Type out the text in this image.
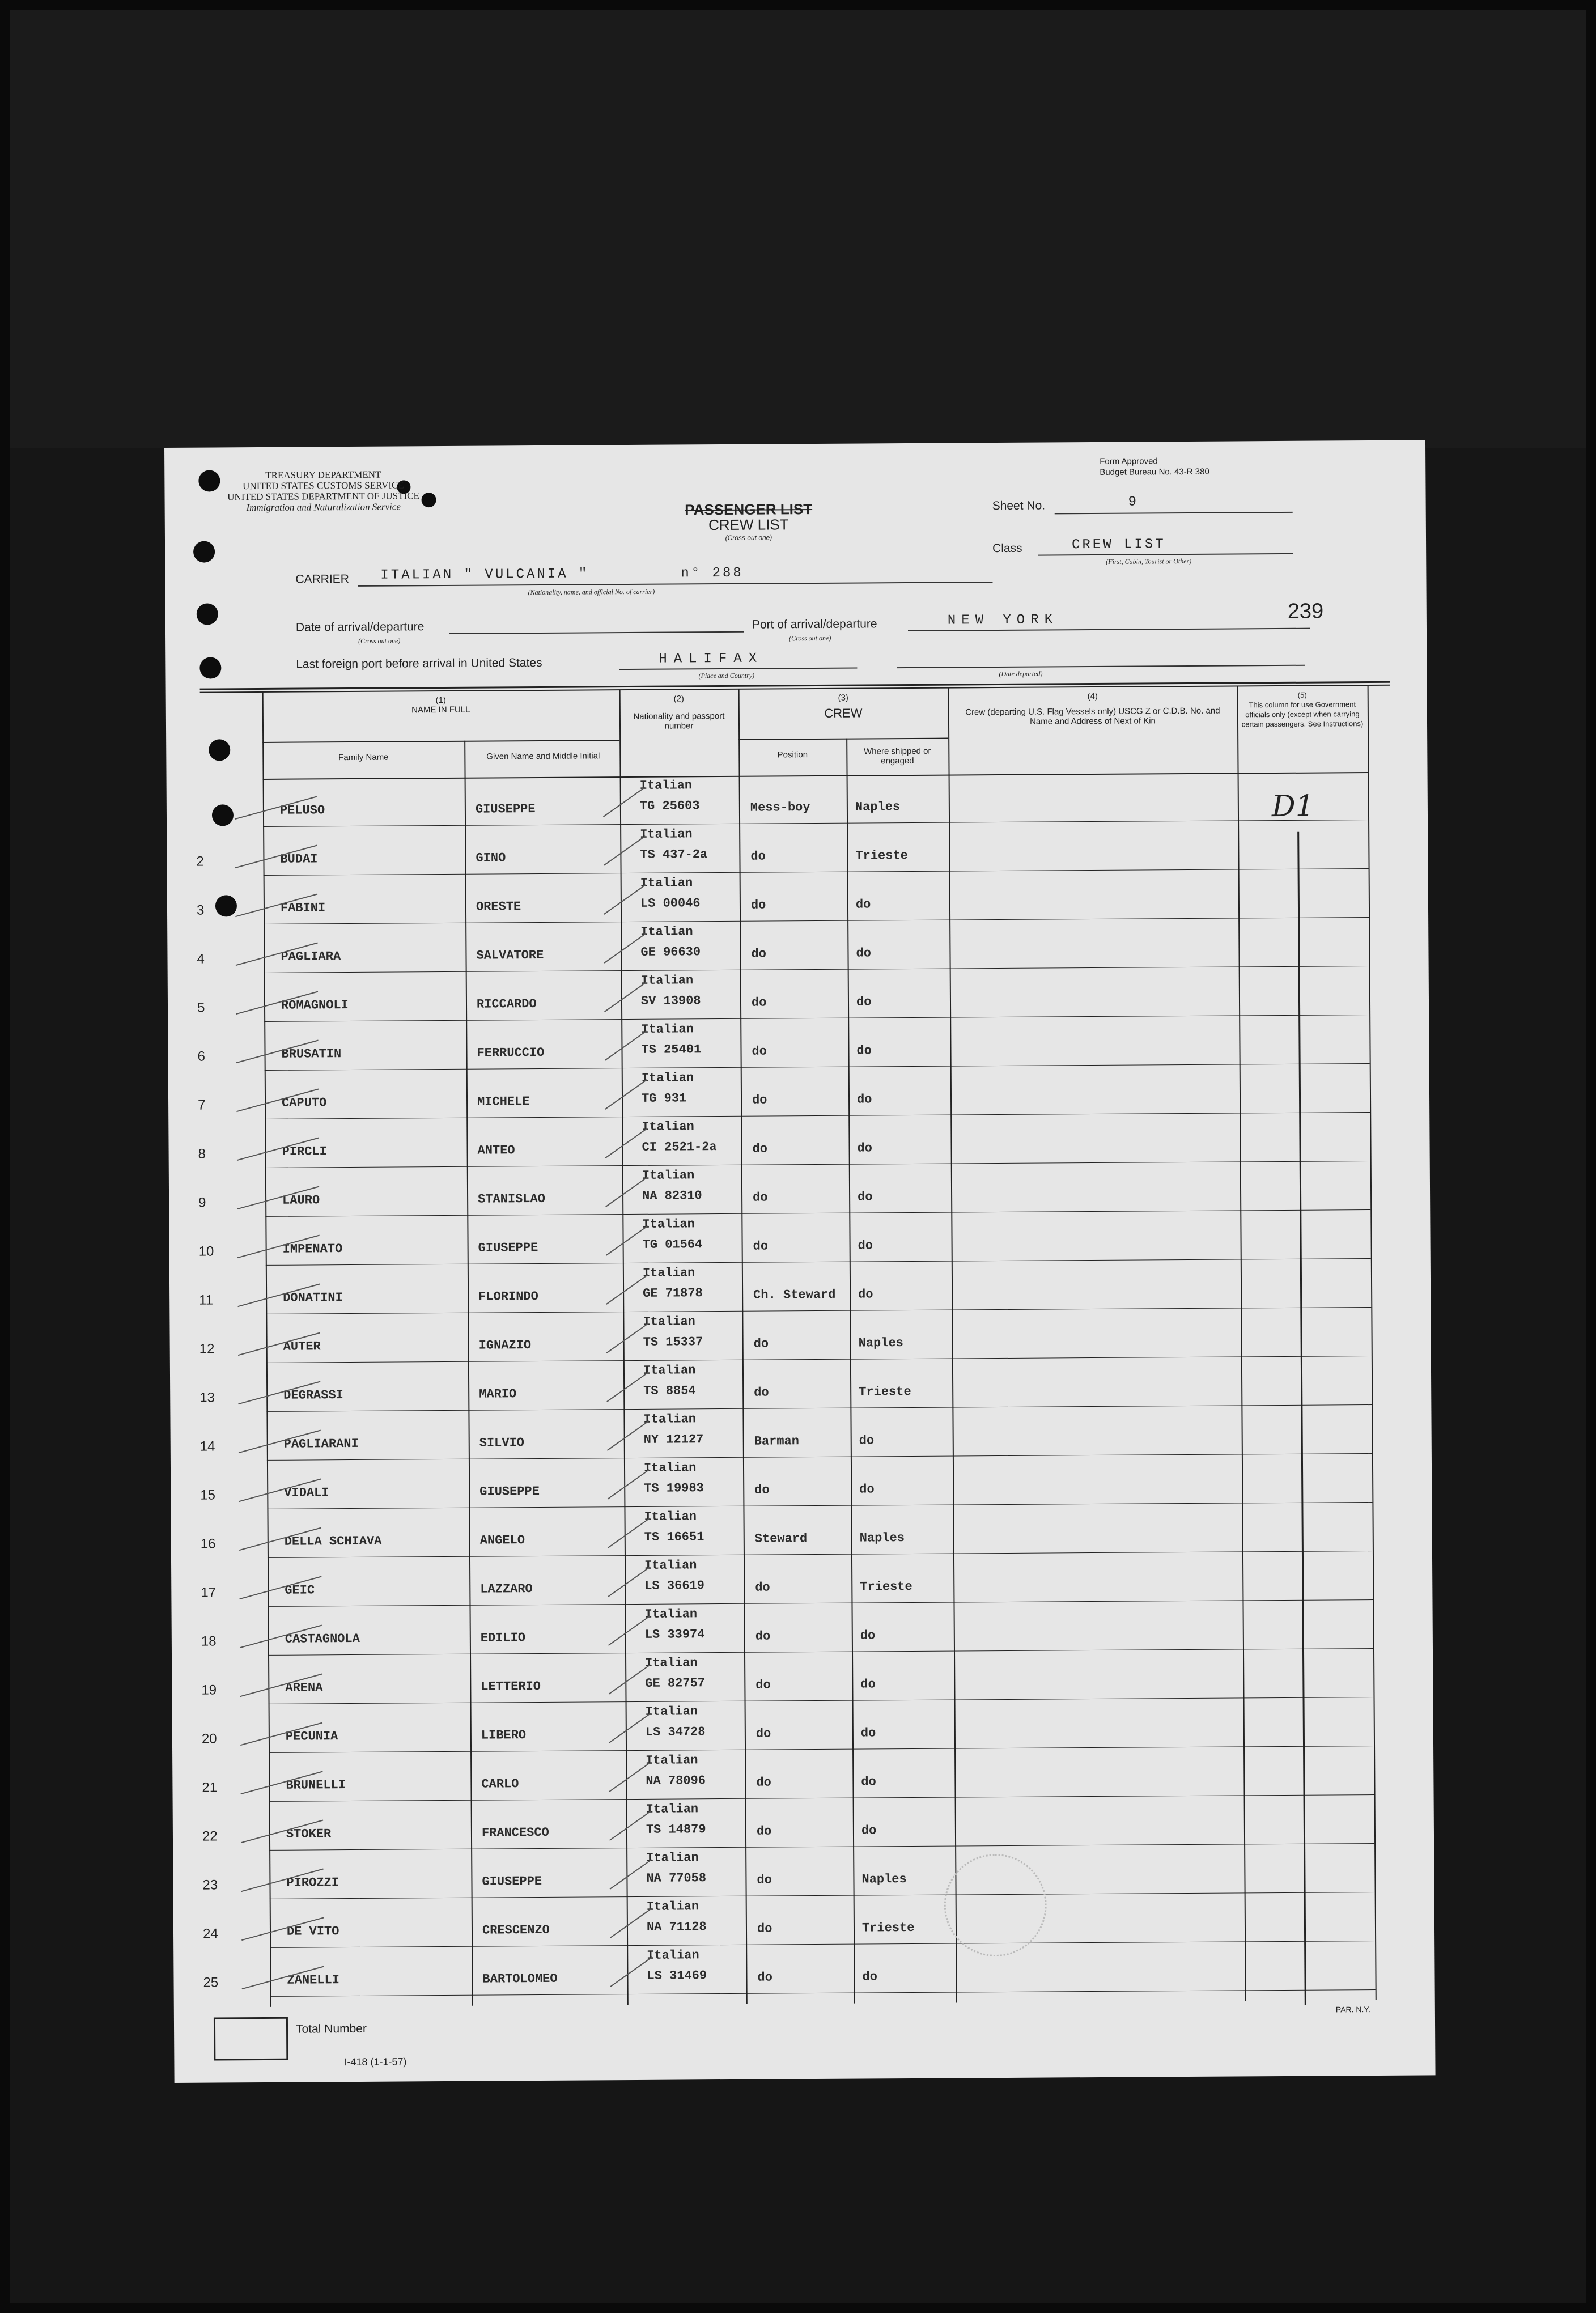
TREASURY DEPARTMENT
UNITED STATES CUSTOMS SERVICE
UNITED STATES DEPARTMENT OF JUSTICE
Immigration and Naturalization Service
Form Approved
Budget Bureau No. 43-R 380
PASSENGER LIST
CREW LIST
(Cross out one)
Sheet No.	9
Class	CREW LIST
(First, Cabin, Tourist or Other)
CARRIER ITALIAN " VULCANIA "	n° 288
(Nationality, name, and official No. of carrier)
239
Date of arrival/departure
(Cross out one)
Port of arrival/departure	NEW YORK
(Cross out one)
Last foreign port before arrival in United States	HALIFAX
(Place and Country)	(Date departed)
(1)
NAME IN FULL
Family Name	Given Name and Middle Initial
(2)
Nationality and passport number
(3)
CREW
Position	Where shipped or engaged
(4)
Crew (departing U.S. Flag Vessels only) USCG Z or C.D.B. No. and Name and Address of Next of Kin
(5)
This column for use Government officials only (except when carrying certain passengers. See Instructions)
D1
Italian
PELUSO	GIUSEPPE	TG 25603	Mess-boy	Naples
2
Italian
BUDAI	GINO	TS 437-2a	do	Trieste
3
Italian
FABINI	ORESTE	LS 00046	do	do
4
Italian
PAGLIARA	SALVATORE	GE 96630	do	do
5
Italian
ROMAGNOLI	RICCARDO	SV 13908	do	do
6
Italian
BRUSATIN	FERRUCCIO	TS 25401	do	do
7
Italian
CAPUTO	MICHELE	TG 931	do	do
8
Italian
PIRCLI	ANTEO	CI 2521-2a	do	do
9
Italian
LAURO	STANISLAO	NA 82310	do	do
10
Italian
IMPENATO	GIUSEPPE	TG 01564	do	do
11
Italian
DONATINI	FLORINDO	GE 71878	Ch. Steward do
12
Italian
AUTER	IGNAZIO	TS 15337	do	Naples
13
Italian
DEGRASSI	MARIO	TS 8854	do	Trieste
14
Italian
PAGLIARANI	SILVIO	NY 12127	Barman	do
15
Italian
VIDALI	GIUSEPPE	TS 19983	do	do
16
Italian
DELLA SCHIAVA	ANGELO	TS 16651	Steward	Naples
17
Italian
GEIC	LAZZARO	LS 36619	do	Trieste
18
Italian
CASTAGNOLA	EDILIO	LS 33974	do	do
19
Italian
ARENA	LETTERIO	GE 82757	do	do
20
Italian
PECUNIA	LIBERO	LS 34728	do	do
21
Italian
BRUNELLI	CARLO	NA 78096	do	do
22
Italian
STOKER	FRANCESCO	TS 14879	do	do
23
Italian
PIROZZI	GIUSEPPE	NA 77058	do	Naples
24
Italian
DE VITO	CRESCENZO	NA 71128	do	Trieste
25
Italian
ZANELLI	BARTOLOMEO	LS 31469	do	do
Total Number
I-418 (1-1-57)
PAR. N.Y.
